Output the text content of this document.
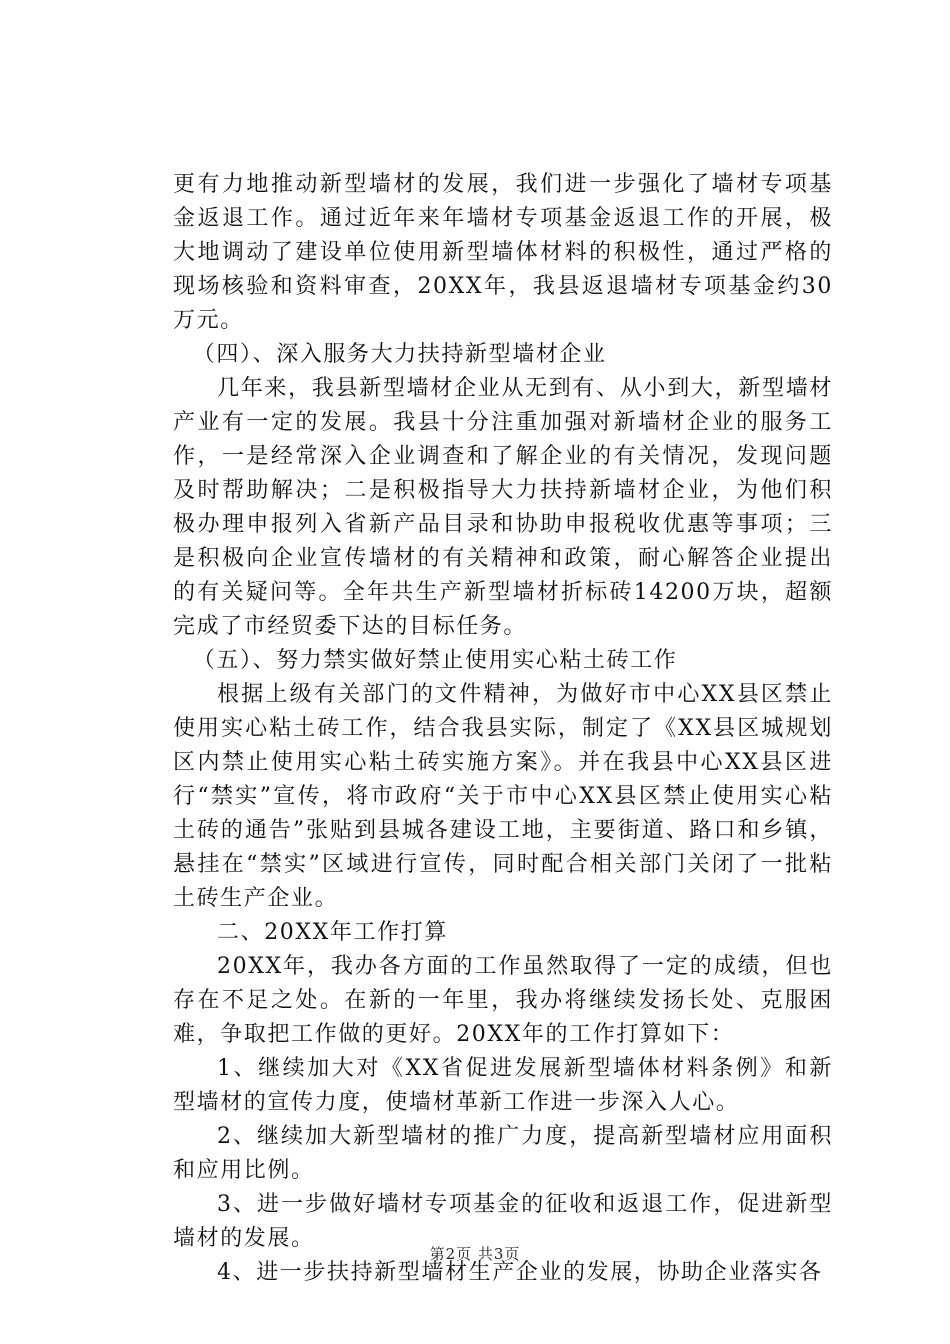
更有力地推动新型墙材的发展，我们进一步强化了墙材专项基金返退工作。通过近年来年墙材专项基金返退工作的开展，极大地调动了建设单位使用新型墙体材料的积极性，通过严格的现场核验和资料审查，20XX年，我县返退墙材专项基金约30万元。

（四）、深入服务大力扶持新型墙材企业

几年来，我县新型墙材企业从无到有、从小到大，新型墙材产业有一定的发展。我县十分注重加强对新墙材企业的服务工作，一是经常深入企业调查和了解企业的有关情况，发现问题及时帮助解决；二是积极指导大力扶持新墙材企业，为他们积极办理申报列入省新产品目录和协助申报税收优惠等事项；三是积极向企业宣传墙材的有关精神和政策，耐心解答企业提出的有关疑问等。全年共生产新型墙材折标砖14200万块，超额完成了市经贸委下达的目标任务。

（五）、努力禁实做好禁止使用实心粘土砖工作

根据上级有关部门的文件精神，为做好市中心XX县区禁止使用实心粘土砖工作，结合我县实际，制定了《XX县区城规划区内禁止使用实心粘土砖实施方案》。并在我县中心XX县区进行“禁实”宣传，将市政府“关于市中心XX县区禁止使用实心粘土砖的通告”张贴到县城各建设工地，主要街道、路口和乡镇，悬挂在“禁实”区域进行宣传，同时配合相关部门关闭了一批粘土砖生产企业。

二、20XX年工作打算

20XX年，我办各方面的工作虽然取得了一定的成绩，但也存在不足之处。在新的一年里，我办将继续发扬长处、克服困难，争取把工作做的更好。20XX年的工作打算如下：

1、继续加大对《XX省促进发展新型墙体材料条例》和新型墙材的宣传力度，使墙材革新工作进一步深入人心。

2、继续加大新型墙材的推广力度，提高新型墙材应用面积和应用比例。

3、进一步做好墙材专项基金的征收和返退工作，促进新型墙材的发展。

4、进一步扶持新型墙材生产企业的发展，协助企业落实各

第2页 共3页
